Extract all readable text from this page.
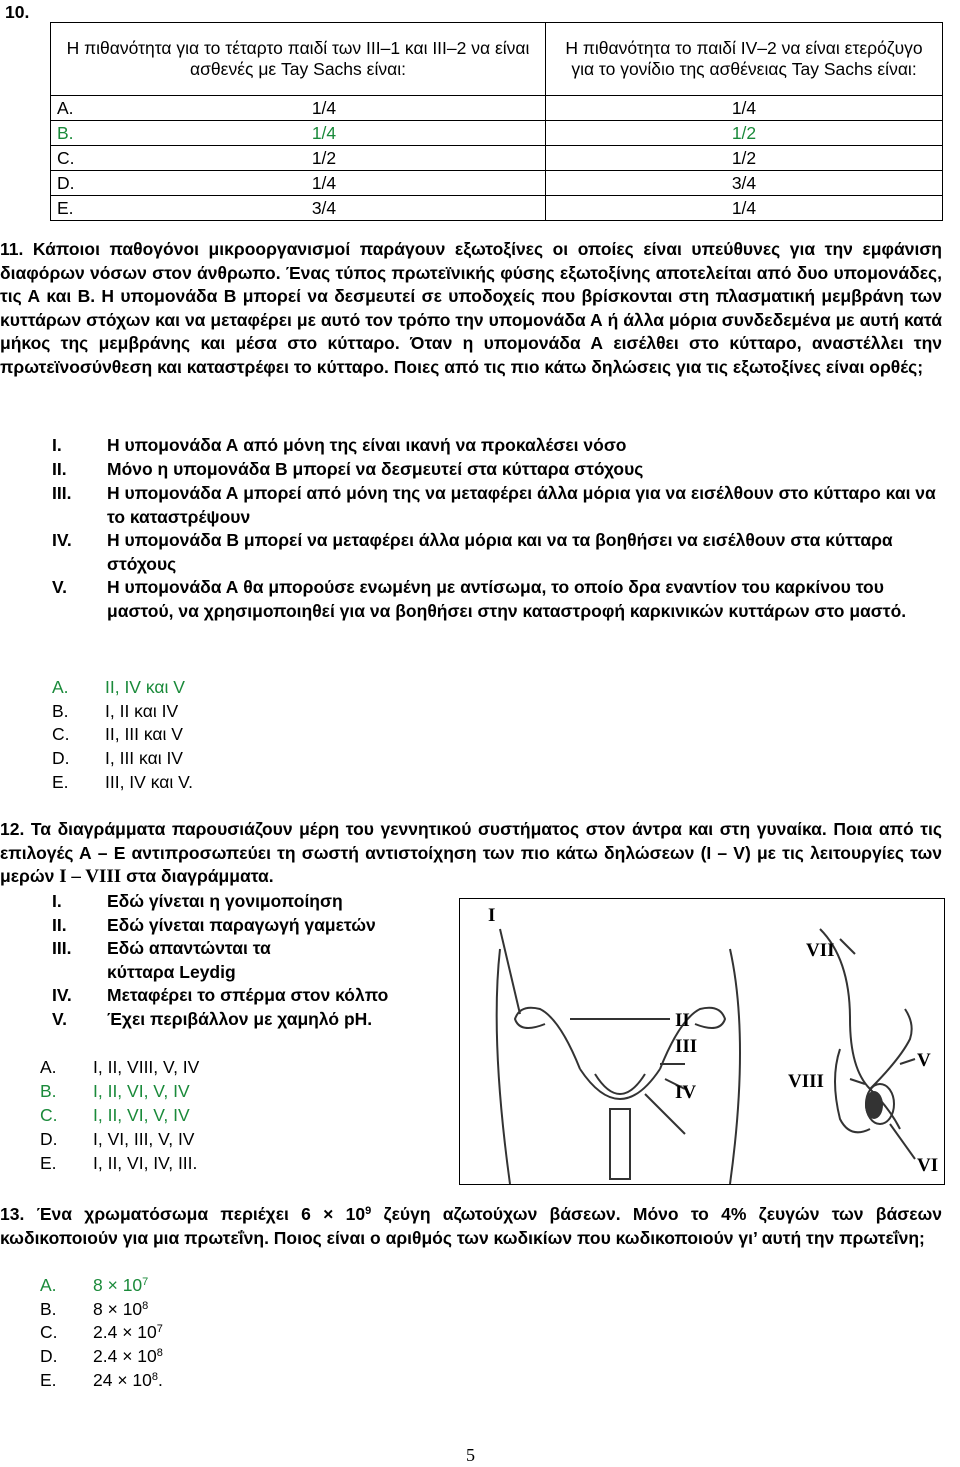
10.
Η πιθανότητα για το τέταρτο παιδί των ΙΙΙ–1 και ΙΙΙ–2 να είναι ασθενές με Tay Sachs είναι:		Η πιθανότητα το παιδί IV–2 να είναι ετερόζυγο για το γονίδιο της ασθένειας Tay Sachs είναι:
A.	1/4	1/4
B.	1/4	1/2
C.	1/2	1/2
D.	1/4	3/4
E.	3/4	1/4
11. Κάποιοι παθογόνοι μικροοργανισμοί παράγουν εξωτοξίνες οι οποίες είναι υπεύθυνες για την εμφάνιση διαφόρων νόσων στον άνθρωπο. Ένας τύπος πρωτεϊνικής φύσης εξωτοξίνης αποτελείται από δυο υπομονάδες, τις Α και Β. Η υπομονάδα Β μπορεί να δεσμευτεί σε υποδοχείς που βρίσκονται στη πλασματική μεμβράνη των κυττάρων στόχων και να μεταφέρει με αυτό τον τρόπο την υπομονάδα Α ή άλλα μόρια συνδεδεμένα με αυτή κατά μήκος της μεμβράνης και μέσα στο κύτταρο. Όταν η υπομονάδα Α εισέλθει στο κύτταρο, αναστέλλει την πρωτεϊνοσύνθεση και καταστρέφει το κύτταρο. Ποιες από τις πιο κάτω δηλώσεις για τις εξωτοξίνες είναι ορθές;
I.	Η υπομονάδα Α από μόνη της είναι ικανή να προκαλέσει νόσο
II.	Μόνο η υπομονάδα Β μπορεί να δεσμευτεί στα κύτταρα στόχους
III.	Η υπομονάδα Α μπορεί από μόνη της να μεταφέρει άλλα μόρια για να εισέλθουν στο κύτταρο και να το καταστρέψουν
IV.	Η υπομονάδα Β μπορεί να μεταφέρει άλλα μόρια και να τα βοηθήσει να εισέλθουν στα κύτταρα στόχους
V.	Η υπομονάδα Α θα μπορούσε ενωμένη με αντίσωμα, το οποίο δρα εναντίον του καρκίνου του μαστού, να χρησιμοποιηθεί για να βοηθήσει στην καταστροφή καρκινικών κυττάρων στο μαστό.
A. II, IV και V
B. I, II και IV
C. II, III και V
D. I, III και IV
E. III, IV και V.
12. Τα διαγράμματα παρουσιάζουν μέρη του γεννητικού συστήματος στον άντρα και στη γυναίκα. Ποια από τις επιλογές Α – Ε αντιπροσωπεύει τη σωστή αντιστοίχηση των πιο κάτω δηλώσεων (Ι – V) με τις λειτουργίες των μερών I – VIII στα διαγράμματα.
I.	Εδώ γίνεται η γονιμοποίηση
II. Εδώ γίνεται παραγωγή γαμετών
III. Εδώ απαντώνται τα κύτταρα Leydig
IV. Μεταφέρει το σπέρμα στον κόλπο
V. Έχει περιβάλλον με χαμηλό pH.
I
II
III
IV
V
VI
VII
VIII
A. I, II, VIII, V, IV
B. I, II, VI, V, IV
C. I, II, VI, V, IV
D. I, VI, III, V, IV
E. I, II, VI, IV, III.
13. Ένα χρωματόσωμα περιέχει $6 \times 10^9$ ζεύγη αζωτούχων βάσεων. Μόνο το 4% ζευγών των βάσεων κωδικοποιούν για μια πρωτεΐνη. Ποιος είναι ο αριθμός των κωδικίων που κωδικοποιούν γι’ αυτή την πρωτεΐνη;
A. $8 \times 10^7$
B. $8 \times 10^8$
C. $2.4 \times 10^7$
D. $2.4 \times 10^8$
E. $24 \times 10^8$.
5
